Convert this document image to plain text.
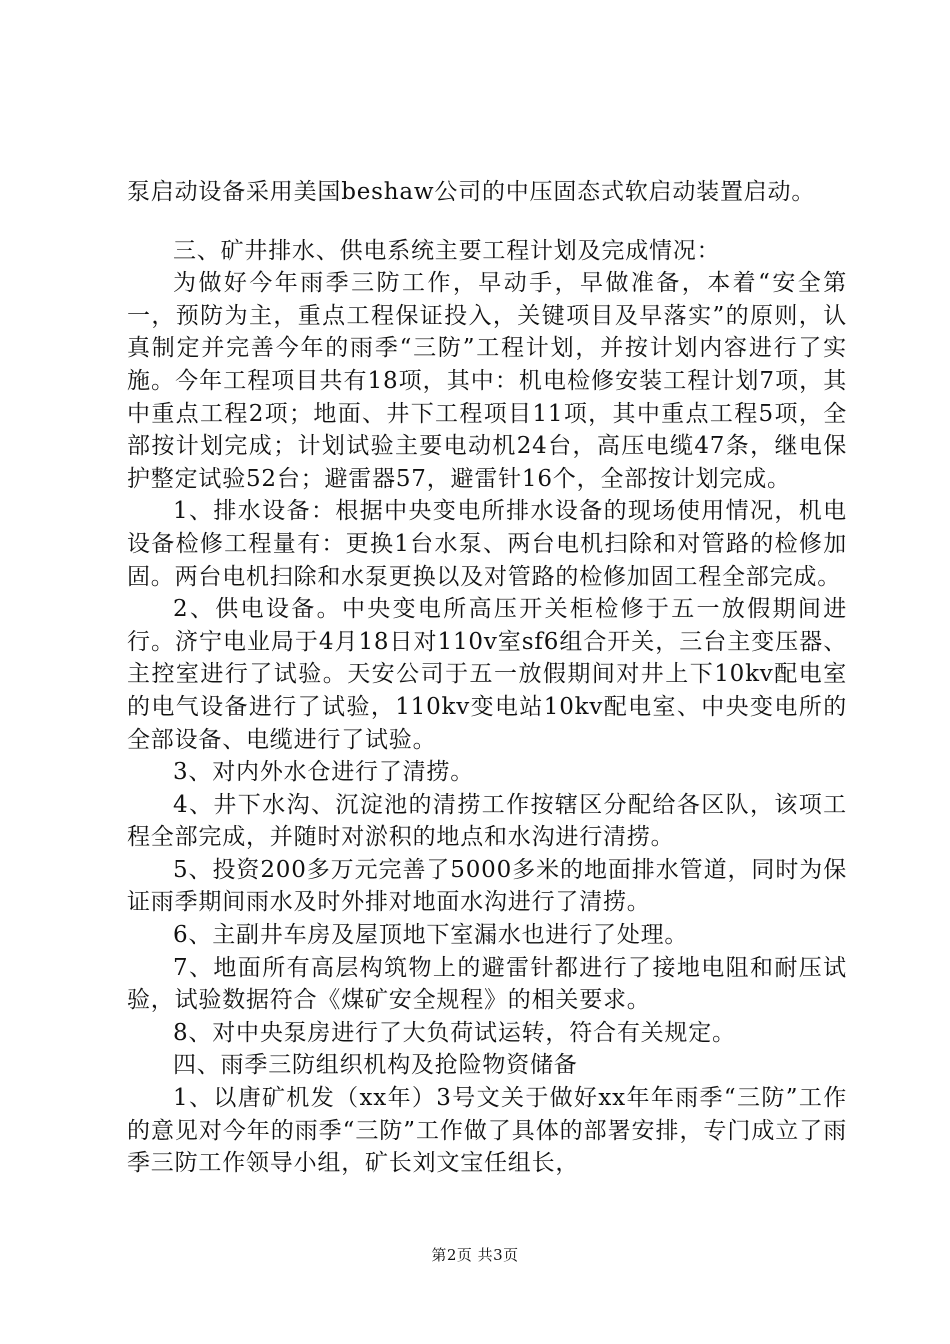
泵启动设备采用美国beshaw公司的中压固态式软启动装置启动。

三、矿井排水、供电系统主要工程计划及完成情况：

为做好今年雨季三防工作，早动手，早做准备，本着“安全第一，预防为主，重点工程保证投入，关键项目及早落实”的原则，认真制定并完善今年的雨季“三防”工程计划，并按计划内容进行了实施。今年工程项目共有18项，其中：机电检修安装工程计划7项，其中重点工程2项；地面、井下工程项目11项，其中重点工程5项，全部按计划完成；计划试验主要电动机24台，高压电缆47条，继电保护整定试验52台；避雷器57，避雷针16个，全部按计划完成。

1、排水设备：根据中央变电所排水设备的现场使用情况，机电设备检修工程量有：更换1台水泵、两台电机扫除和对管路的检修加固。两台电机扫除和水泵更换以及对管路的检修加固工程全部完成。

2、供电设备。中央变电所高压开关柜检修于五一放假期间进行。济宁电业局于4月18日对110v室sf6组合开关，三台主变压器、主控室进行了试验。天安公司于五一放假期间对井上下10kv配电室的电气设备进行了试验，110kv变电站10kv配电室、中央变电所的全部设备、电缆进行了试验。

3、对内外水仓进行了清捞。

4、井下水沟、沉淀池的清捞工作按辖区分配给各区队，该项工程全部完成，并随时对淤积的地点和水沟进行清捞。

5、投资200多万元完善了5000多米的地面排水管道，同时为保证雨季期间雨水及时外排对地面水沟进行了清捞。

6、主副井车房及屋顶地下室漏水也进行了处理。

7、地面所有高层构筑物上的避雷针都进行了接地电阻和耐压试验，试验数据符合《煤矿安全规程》的相关要求。

8、对中央泵房进行了大负荷试运转，符合有关规定。

四、雨季三防组织机构及抢险物资储备

1、以唐矿机发（xx年）3号文关于做好xx年年雨季“三防”工作的意见对今年的雨季“三防”工作做了具体的部署安排，专门成立了雨季三防工作领导小组，矿长刘文宝任组长，

第2页 共3页
